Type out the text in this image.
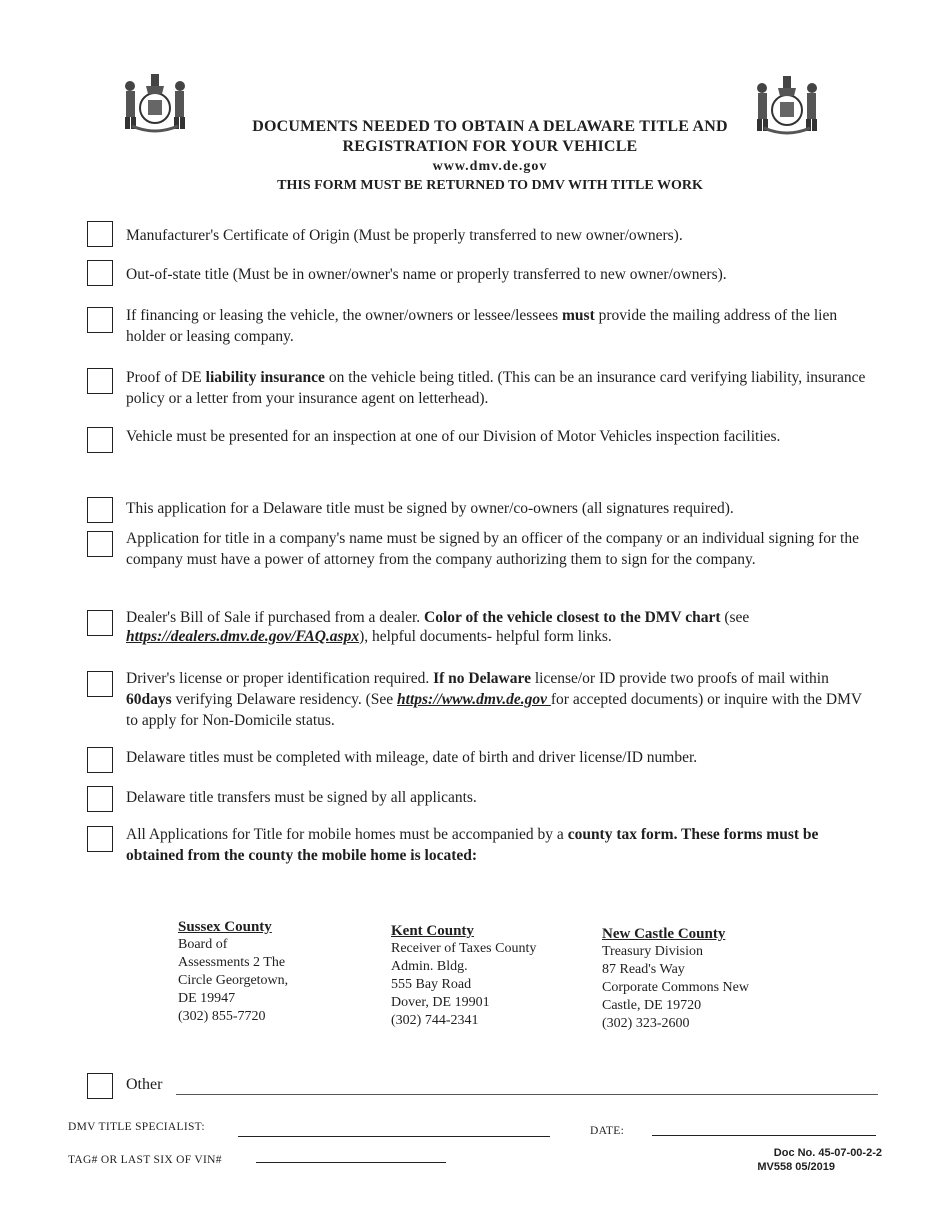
DOCUMENTS NEEDED TO OBTAIN A DELAWARE TITLE AND
REGISTRATION FOR YOUR VEHICLE
www.dmv.de.gov
THIS FORM MUST BE RETURNED TO DMV WITH TITLE WORK
Manufacturer's Certificate of Origin (Must be properly transferred to new owner/owners).
Out-of-state title (Must be in owner/owner's name or properly transferred to new owner/owners).
If financing or leasing the vehicle, the owner/owners or lessee/lessees must provide the mailing address of the lien holder or leasing company.
Proof of DE liability insurance on the vehicle being titled. (This can be an insurance card verifying liability, insurance policy or a letter from your insurance agent on letterhead).
Vehicle must be presented for an inspection at one of our Division of Motor Vehicles inspection facilities.
This application for a Delaware title must be signed by owner/co-owners (all signatures required).
Application for title in a company's name must be signed by an officer of the company or an individual signing for the company must have a power of attorney from the company authorizing them to sign for the company.
Dealer's Bill of Sale if purchased from a dealer. Color of the vehicle closest to the DMV chart (see https://dealers.dmv.de.gov/FAQ.aspx), helpful documents- helpful form links.
Driver's license or proper identification required. If no Delaware license/or ID provide two proofs of mail within 60days verifying Delaware residency. (See https://www.dmv.de.gov for accepted documents) or inquire with the DMV to apply for Non-Domicile status.
Delaware titles must be completed with mileage, date of birth and driver license/ID number.
Delaware title transfers must be signed by all applicants.
All Applications for Title for mobile homes must be accompanied by a county tax form. These forms must be obtained from the county the mobile home is located:
Sussex County
Board of
Assessments 2 The
Circle Georgetown,
DE 19947
(302) 855-7720
Kent County
Receiver of Taxes County
Admin. Bldg.
555 Bay Road
Dover, DE 19901
(302) 744-2341
New Castle County
Treasury Division
87 Read's Way
Corporate Commons New
Castle, DE 19720
(302) 323-2600
Other
DMV TITLE SPECIALIST:	DATE:
TAG# OR LAST SIX OF VIN#
Doc No. 45-07-00-2-2
MV558 05/2019
